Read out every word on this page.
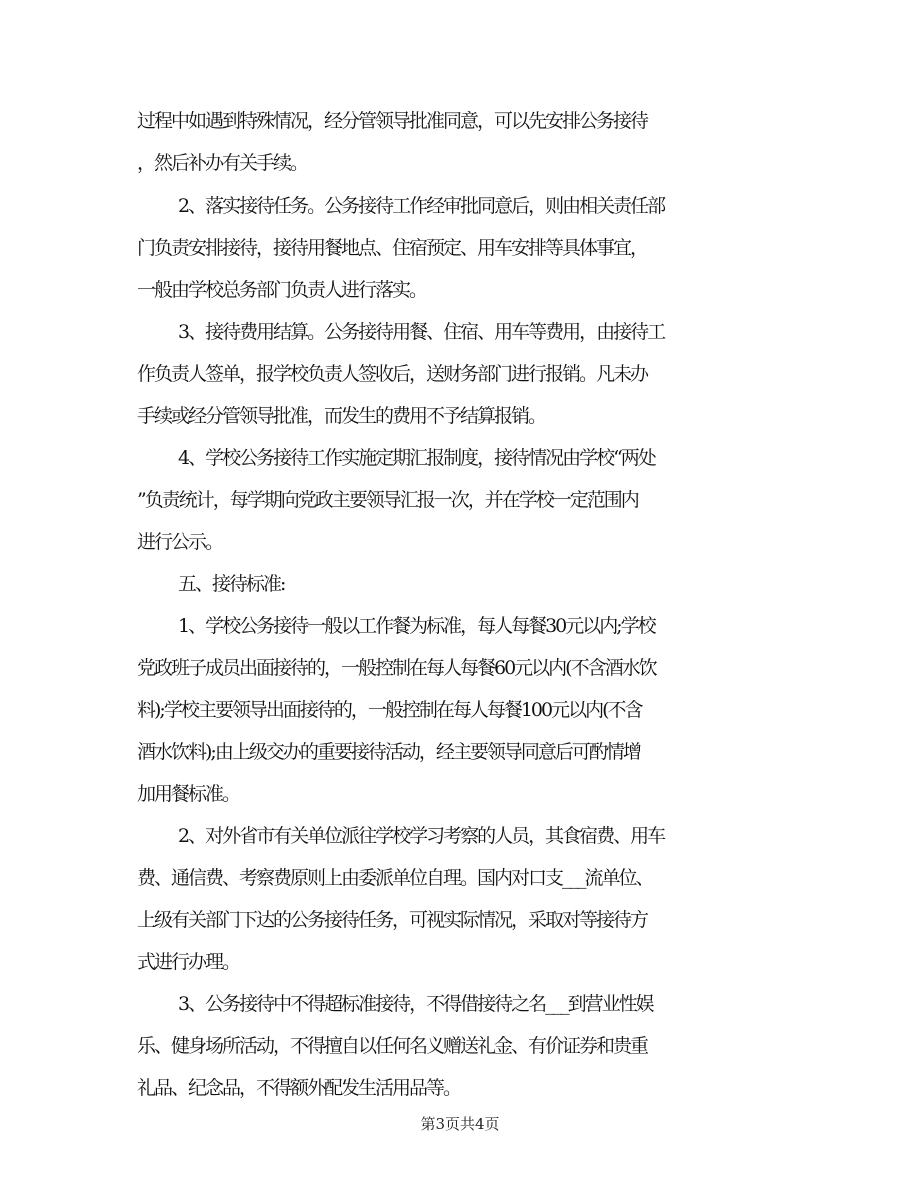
过程中如遇到特殊情况，经分管领导批准同意，可以先安排公务接待
，然后补办有关手续。
2、落实接待任务。公务接待工作经审批同意后，则由相关责任部
门负责安排接待，接待用餐地点、住宿预定、用车安排等具体事宜，
一般由学校总务部门负责人进行落实。
3、接待费用结算。公务接待用餐、住宿、用车等费用，由接待工
作负责人签单，报学校负责人签收后，送财务部门进行报销。凡未办
手续或经分管领导批准，而发生的费用不予结算报销。
4、学校公务接待工作实施定期汇报制度，接待情况由学校“两处
”负责统计，每学期向党政主要领导汇报一次，并在学校一定范围内
进行公示。
五、接待标准:
1、学校公务接待一般以工作餐为标准，每人每餐30元以内;学校
党政班子成员出面接待的，一般控制在每人每餐60元以内(不含酒水饮
料);学校主要领导出面接待的，一般控制在每人每餐100元以内(不含
酒水饮料);由上级交办的重要接待活动，经主要领导同意后可酌情增
加用餐标准。
2、对外省市有关单位派往学校学习考察的人员，其食宿费、用车
费、通信费、考察费原则上由委派单位自理。国内对口支___流单位、
上级有关部门下达的公务接待任务，可视实际情况，采取对等接待方
式进行办理。
3、公务接待中不得超标准接待，不得借接待之名___到营业性娱
乐、健身场所活动，不得擅自以任何名义赠送礼金、有价证券和贵重
礼品、纪念品，不得额外配发生活用品等。
第3页共4页
